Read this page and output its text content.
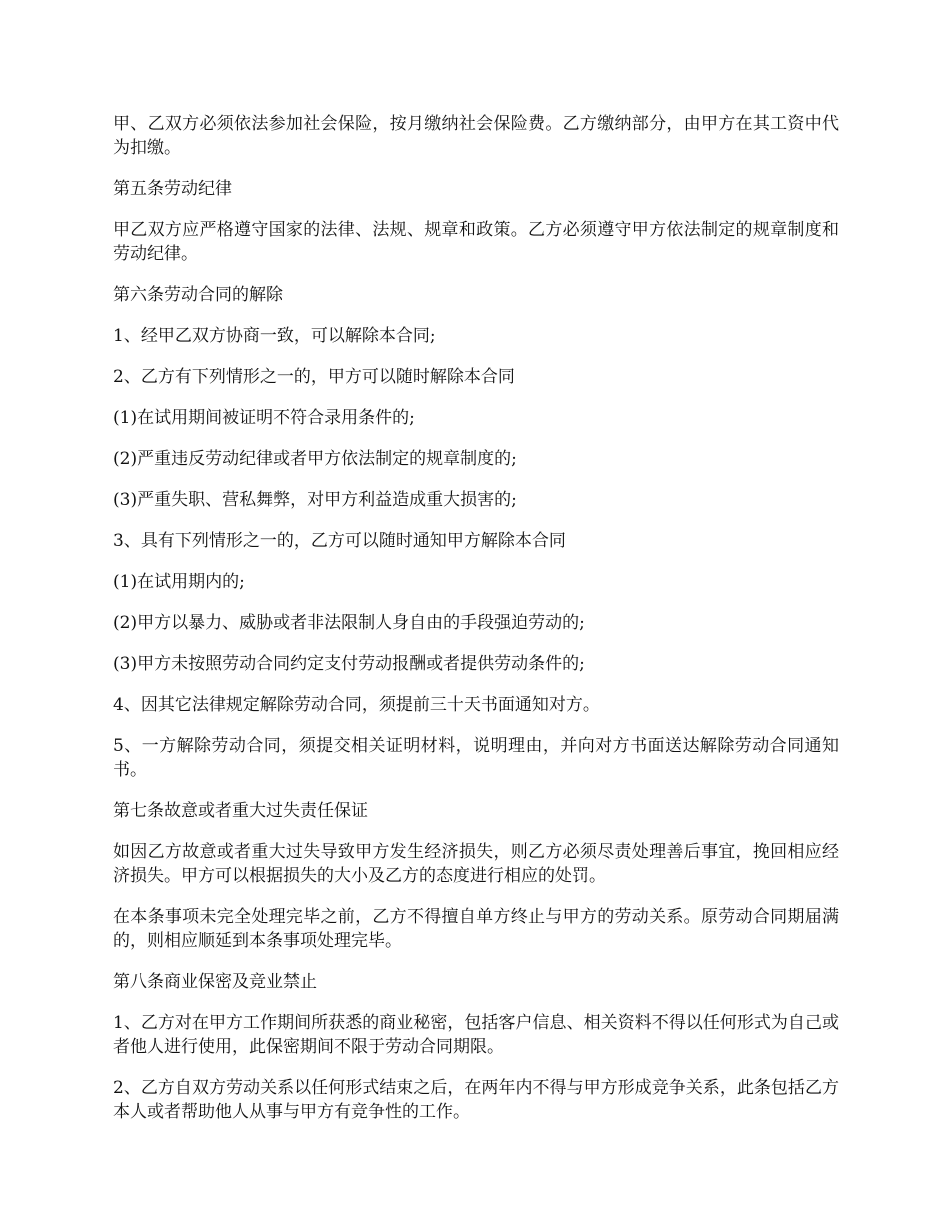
甲、乙双方必须依法参加社会保险，按月缴纳社会保险费。乙方缴纳部分，由甲方在其工资中代为扣缴。

第五条劳动纪律

甲乙双方应严格遵守国家的法律、法规、规章和政策。乙方必须遵守甲方依法制定的规章制度和劳动纪律。

第六条劳动合同的解除

1、经甲乙双方协商一致，可以解除本合同;

2、乙方有下列情形之一的，甲方可以随时解除本合同

(1)在试用期间被证明不符合录用条件的;

(2)严重违反劳动纪律或者甲方依法制定的规章制度的;

(3)严重失职、营私舞弊，对甲方利益造成重大损害的;

3、具有下列情形之一的，乙方可以随时通知甲方解除本合同

(1)在试用期内的;

(2)甲方以暴力、威胁或者非法限制人身自由的手段强迫劳动的;

(3)甲方未按照劳动合同约定支付劳动报酬或者提供劳动条件的;

4、因其它法律规定解除劳动合同，须提前三十天书面通知对方。

5、一方解除劳动合同，须提交相关证明材料，说明理由，并向对方书面送达解除劳动合同通知书。

第七条故意或者重大过失责任保证

如因乙方故意或者重大过失导致甲方发生经济损失，则乙方必须尽责处理善后事宜，挽回相应经济损失。甲方可以根据损失的大小及乙方的态度进行相应的处罚。

在本条事项未完全处理完毕之前，乙方不得擅自单方终止与甲方的劳动关系。原劳动合同期届满的，则相应顺延到本条事项处理完毕。

第八条商业保密及竞业禁止

1、乙方对在甲方工作期间所获悉的商业秘密，包括客户信息、相关资料不得以任何形式为自己或者他人进行使用，此保密期间不限于劳动合同期限。

2、乙方自双方劳动关系以任何形式结束之后，在两年内不得与甲方形成竞争关系，此条包括乙方本人或者帮助他人从事与甲方有竞争性的工作。
